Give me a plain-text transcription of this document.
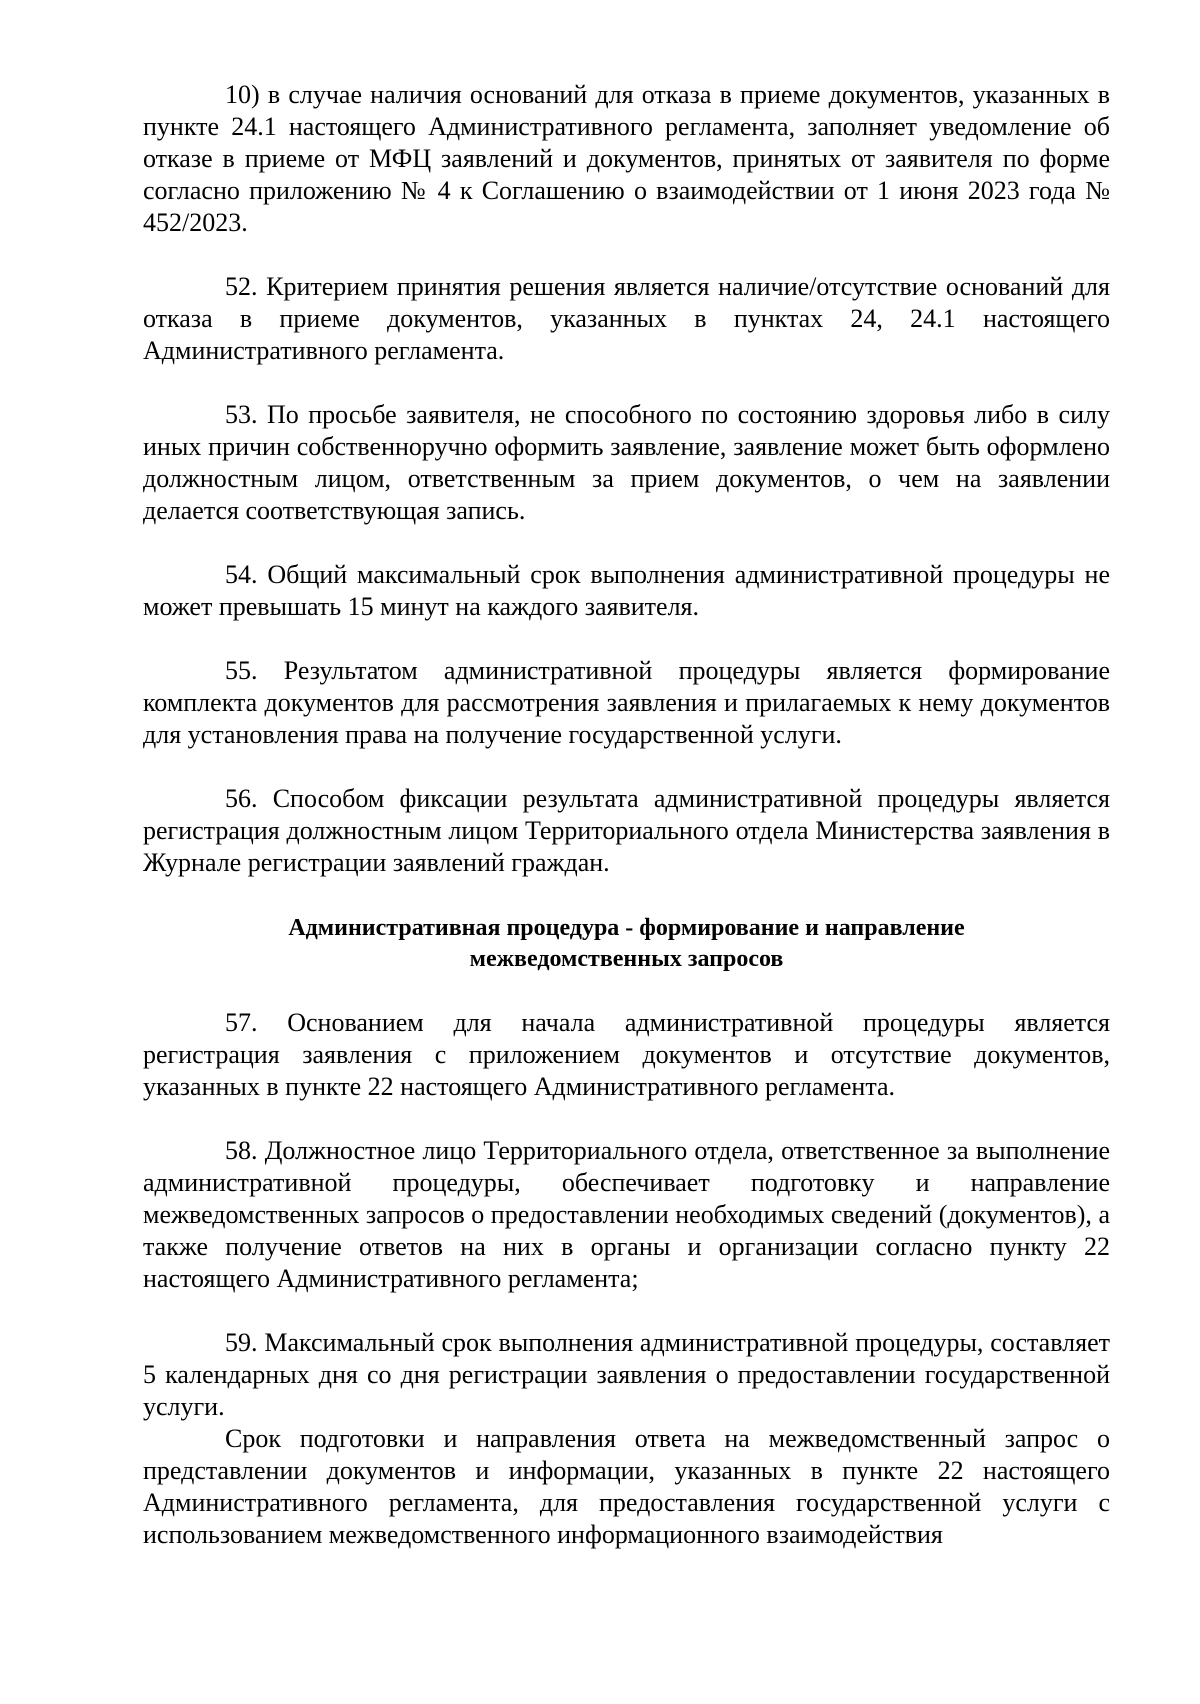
10) в случае наличия оснований для отказа в приеме документов, указанных в пункте 24.1 настоящего Административного регламента, заполняет уведомление об отказе в приеме от МФЦ заявлений и документов, принятых от заявителя по форме согласно приложению № 4 к Соглашению о взаимодействии от 1 июня 2023 года № 452/2023.

52. Критерием принятия решения является наличие/отсутствие оснований для отказа в приеме документов, указанных в пунктах 24, 24.1 настоящего Административного регламента.

53. По просьбе заявителя, не способного по состоянию здоровья либо в силу иных причин собственноручно оформить заявление, заявление может быть оформлено должностным лицом, ответственным за прием документов, о чем на заявлении делается соответствующая запись.

54. Общий максимальный срок выполнения административной процедуры не может превышать 15 минут на каждого заявителя.

55. Результатом административной процедуры является формирование комплекта документов для рассмотрения заявления и прилагаемых к нему документов для установления права на получение государственной услуги.

56. Способом фиксации результата административной процедуры является регистрация должностным лицом Территориального отдела Министерства заявления в Журнале регистрации заявлений граждан.

Административная процедура - формирование и направление
межведомственных запросов

57. Основанием для начала административной процедуры является регистрация заявления с приложением документов и отсутствие документов, указанных в пункте 22 настоящего Административного регламента.

58. Должностное лицо Территориального отдела, ответственное за выполнение административной процедуры, обеспечивает подготовку и направление межведомственных запросов о предоставлении необходимых сведений (документов), а также получение ответов на них в органы и организации согласно пункту 22 настоящего Административного регламента;

59. Максимальный срок выполнения административной процедуры, составляет 5 календарных дня со дня регистрации заявления о предоставлении государственной услуги.

Срок подготовки и направления ответа на межведомственный запрос о представлении документов и информации, указанных в пункте 22 настоящего Административного регламента, для предоставления государственной услуги с использованием межведомственного информационного взаимодействия
